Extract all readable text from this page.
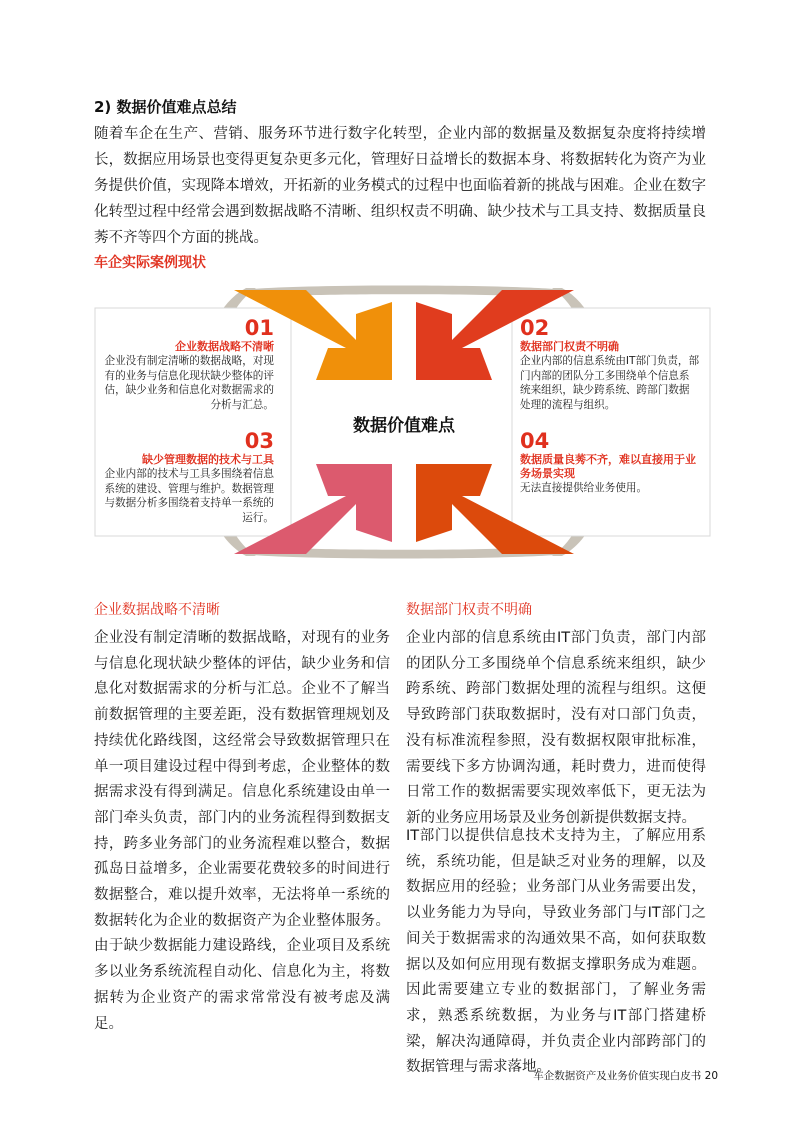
2) 数据价值难点总结
随着车企在生产、营销、服务环节进行数字化转型，企业内部的数据量及数据复杂度将持续增长，数据应用场景也变得更复杂更多元化，管理好日益增长的数据本身、将数据转化为资产为业务提供价值，实现降本增效，开拓新的业务模式的过程中也面临着新的挑战与困难。企业在数字化转型过程中经常会遇到数据战略不清晰、组织权责不明确、缺少技术与工具支持、数据质量良莠不齐等四个方面的挑战。
车企实际案例现状
数据价值难点
01
企业数据战略不清晰
企业没有制定清晰的数据战略，对现有的业务与信息化现状缺少整体的评估，缺少业务和信息化对数据需求的分析与汇总。
02
数据部门权责不明确
企业内部的信息系统由IT部门负责，部门内部的团队分工多围绕单个信息系统来组织，缺少跨系统、跨部门数据处理的流程与组织。
03
缺少管理数据的技术与工具
企业内部的技术与工具多围绕着信息系统的建设、管理与维护。数据管理与数据分析多围绕着支持单一系统的运行。
04
数据质量良莠不齐，难以直接用于业务场景实现
无法直接提供给业务使用。
企业数据战略不清晰
企业没有制定清晰的数据战略，对现有的业务与信息化现状缺少整体的评估，缺少业务和信息化对数据需求的分析与汇总。企业不了解当前数据管理的主要差距，没有数据管理规划及持续优化路线图，这经常会导致数据管理只在单一项目建设过程中得到考虑，企业整体的数据需求没有得到满足。信息化系统建设由单一部门牵头负责，部门内的业务流程得到数据支持，跨多业务部门的业务流程难以整合，数据孤岛日益增多，企业需要花费较多的时间进行数据整合，难以提升效率，无法将单一系统的数据转化为企业的数据资产为企业整体服务。由于缺少数据能力建设路线，企业项目及系统多以业务系统流程自动化、信息化为主，将数据转为企业资产的需求常常没有被考虑及满足。
数据部门权责不明确
企业内部的信息系统由IT部门负责，部门内部的团队分工多围绕单个信息系统来组织，缺少跨系统、跨部门数据处理的流程与组织。这便导致跨部门获取数据时，没有对口部门负责，没有标准流程参照，没有数据权限审批标准，需要线下多方协调沟通，耗时费力，进而使得日常工作的数据需要实现效率低下，更无法为新的业务应用场景及业务创新提供数据支持。
IT部门以提供信息技术支持为主，了解应用系统，系统功能，但是缺乏对业务的理解，以及数据应用的经验；业务部门从业务需要出发，以业务能力为导向，导致业务部门与IT部门之间关于数据需求的沟通效果不高，如何获取数据以及如何应用现有数据支撑职务成为难题。因此需要建立专业的数据部门，了解业务需求，熟悉系统数据，为业务与IT部门搭建桥梁，解决沟通障碍，并负责企业内部跨部门的数据管理与需求落地。
车企数据资产及业务价值实现白皮书 20
